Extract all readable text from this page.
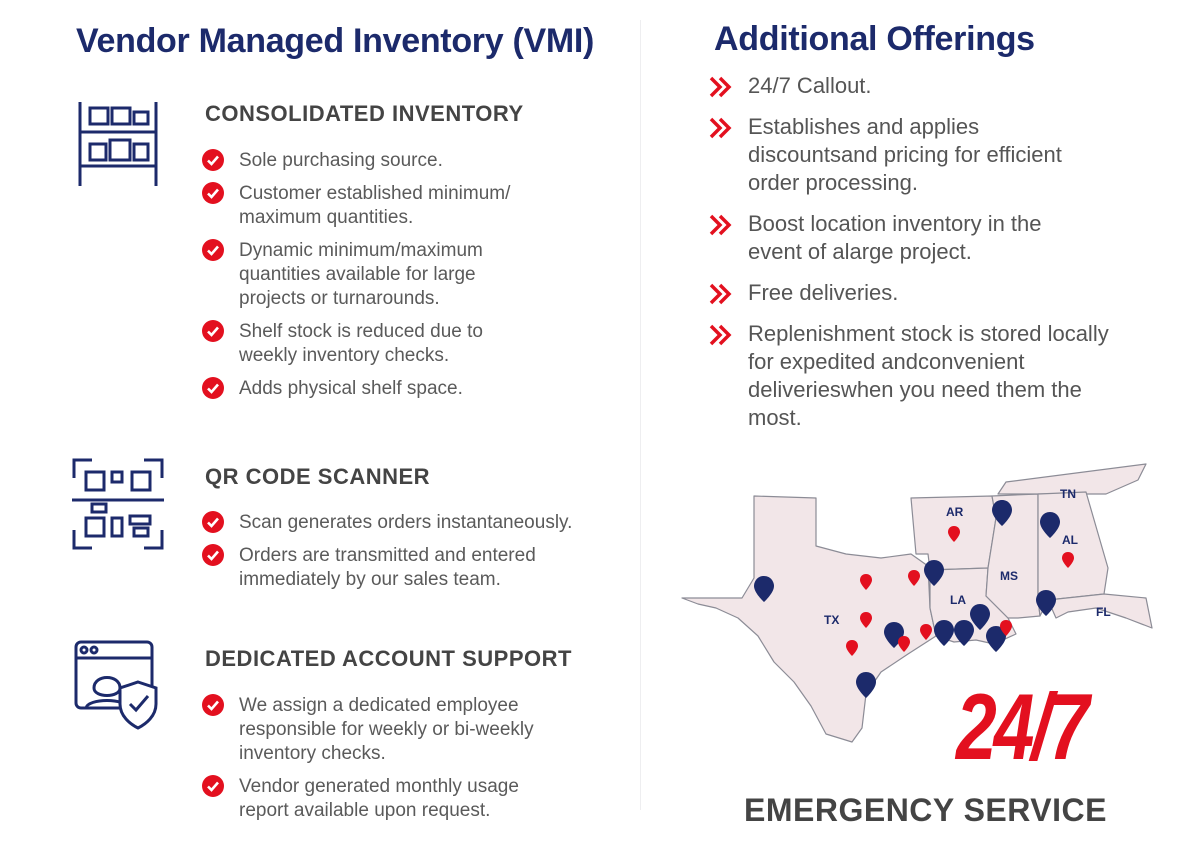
Vendor Managed Inventory (VMI)
CONSOLIDATED INVENTORY
Sole purchasing source.
Customer established minimum/ maximum quantities.
Dynamic minimum/maximum quantities available for large projects or turnarounds.
Shelf stock is reduced due to weekly inventory checks.
Adds physical shelf space.
QR CODE SCANNER
Scan generates orders instantaneously.
Orders are transmitted and entered immediately by our sales team.
DEDICATED ACCOUNT SUPPORT
We assign a dedicated employee responsible for weekly or bi-weekly inventory checks.
Vendor generated monthly usage report available upon request.
Additional Offerings
24/7 Callout.
Establishes and applies discountsand pricing for efficient order processing.
Boost location inventory in the event of alarge project.
Free deliveries.
Replenishment stock is stored locally for expedited andconvenient deliverieswhen you need them the most.
AR
TN
MS
AL
LA
TX
FL
24/7
EMERGENCY SERVICE
